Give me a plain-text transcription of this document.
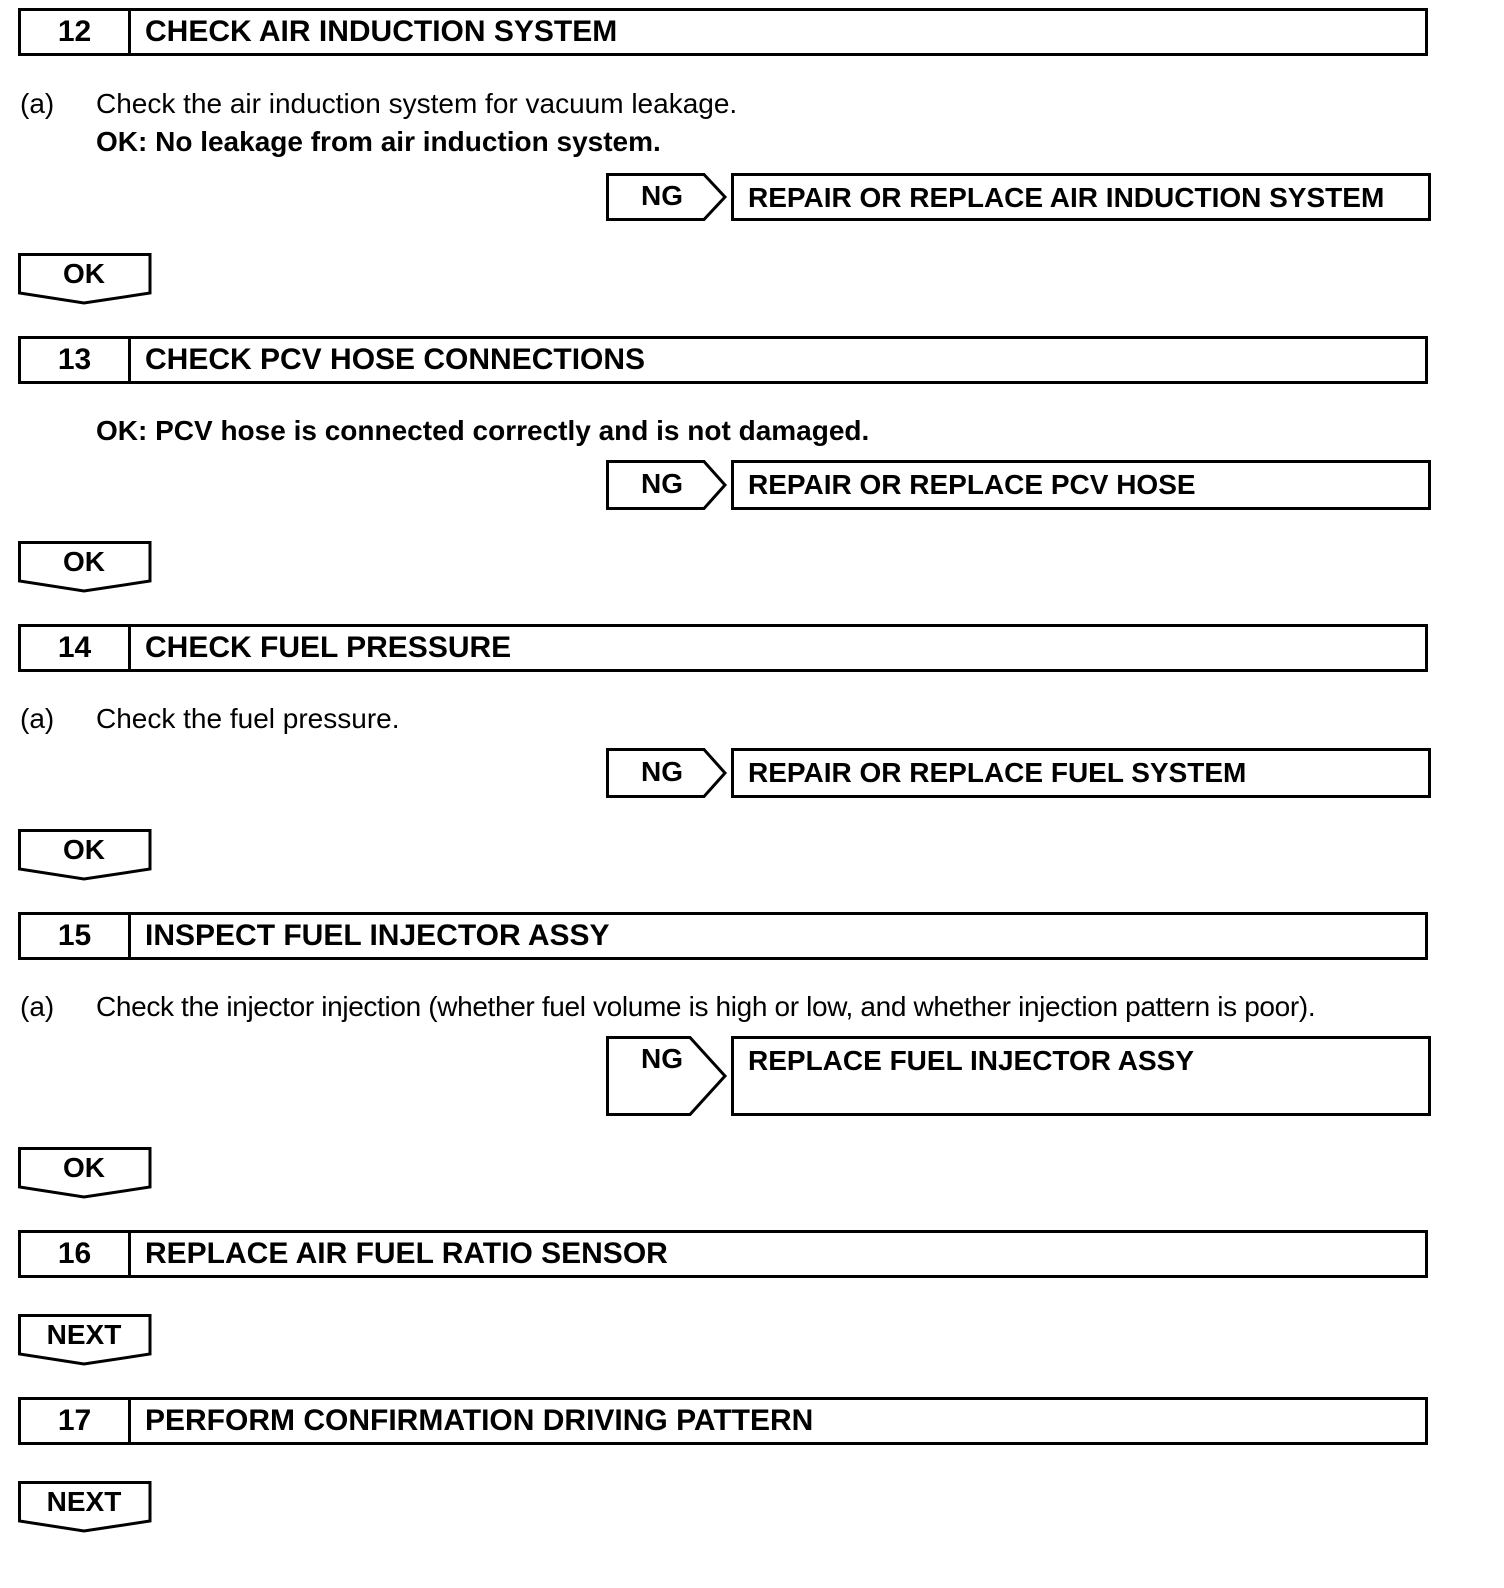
12	CHECK AIR INDUCTION SYSTEM
(a) Check the air induction system for vacuum leakage.
OK: No leakage from air induction system.
NG	REPAIR OR REPLACE AIR INDUCTION SYSTEM
OK
13	CHECK PCV HOSE CONNECTIONS
OK: PCV hose is connected correctly and is not damaged.
NG	REPAIR OR REPLACE PCV HOSE
OK
14	CHECK FUEL PRESSURE
(a) Check the fuel pressure.
NG	REPAIR OR REPLACE FUEL SYSTEM
OK
15	INSPECT FUEL INJECTOR ASSY
(a) Check the injector injection (whether fuel volume is high or low, and whether injection pattern is poor).
NG	REPLACE FUEL INJECTOR ASSY
OK
16	REPLACE AIR FUEL RATIO SENSOR
NEXT
17	PERFORM CONFIRMATION DRIVING PATTERN
NEXT
